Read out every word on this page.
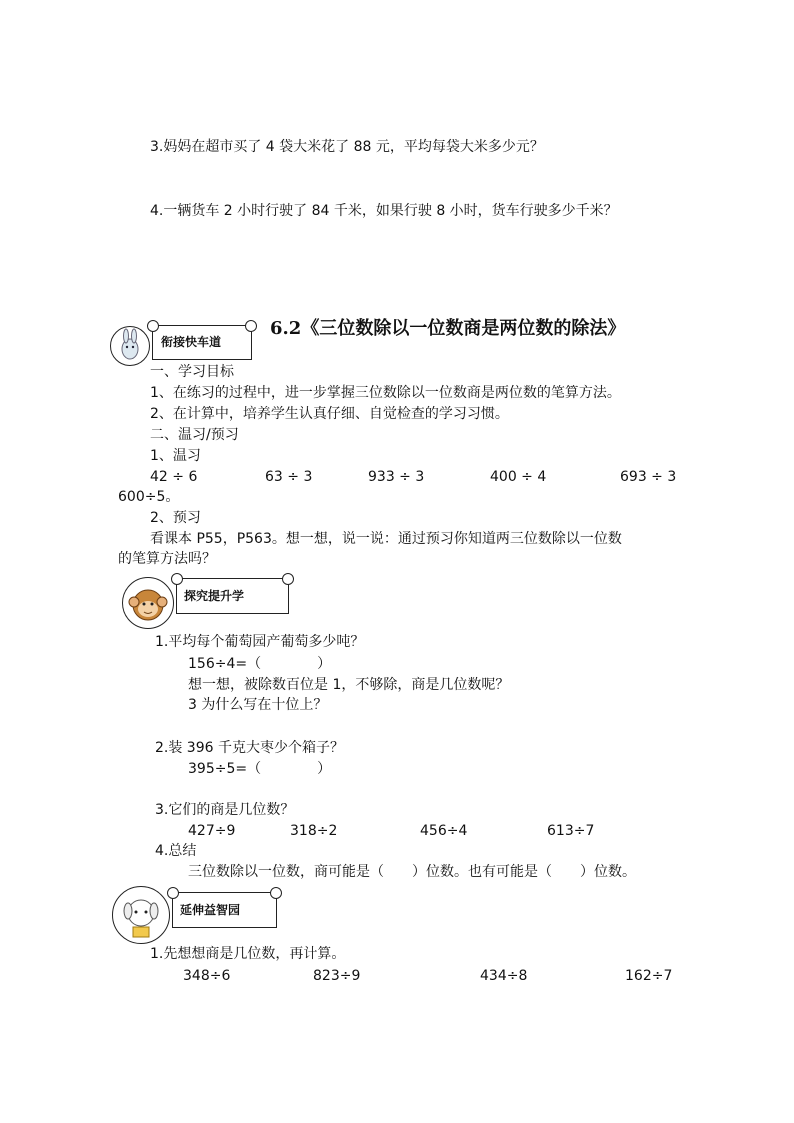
3.妈妈在超市买了 4 袋大米花了 88 元，平均每袋大米多少元？
4.一辆货车 2 小时行驶了 84 千米，如果行驶 8 小时，货车行驶多少千米？
衔接快车道
6.2《三位数除以一位数商是两位数的除法》
一、学习目标
1、在练习的过程中，进一步掌握三位数除以一位数商是两位数的笔算方法。
2、在计算中，培养学生认真仔细、自觉检查的学习习惯。
二、温习/预习
1、温习
42 ÷ 6	63 ÷ 3	933 ÷ 3	400 ÷ 4	693 ÷ 3
600÷5。
2、预习
看课本 P55，P563。想一想，说一说：通过预习你知道两三位数除以一位数
的笔算方法吗？
探究提升学
1.平均每个葡萄园产葡萄多少吨？
156÷4=（　　　　）
想一想，被除数百位是 1，不够除，商是几位数呢？
3 为什么写在十位上？
2.装 396 千克大枣少个箱子？
395÷5=（　　　　）
3.它们的商是几位数？
427÷9	318÷2	456÷4	613÷7
4.总结
三位数除以一位数，商可能是（　　）位数。也有可能是（　　）位数。
延伸益智园
1.先想想商是几位数，再计算。
348÷6	823÷9	434÷8	162÷7
